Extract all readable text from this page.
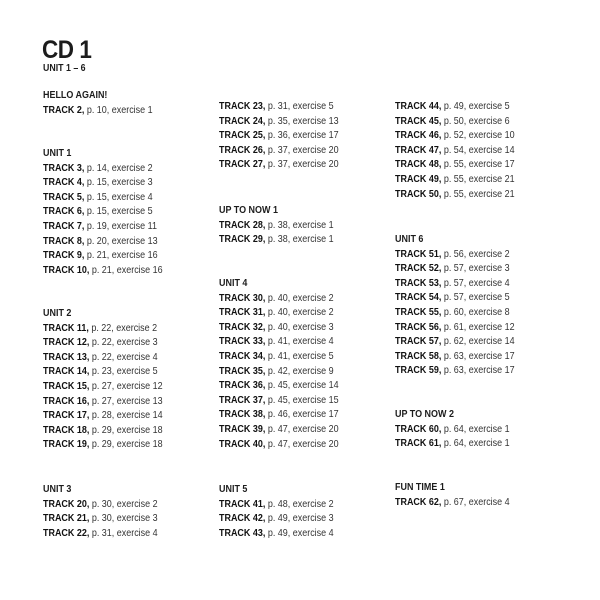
CD 1
UNIT 1 – 6
HELLO AGAIN!
TRACK 2, p. 10, exercise 1
UNIT 1
TRACK 3, p. 14, exercise 2
TRACK 4, p. 15, exercise 3
TRACK 5, p. 15, exercise 4
TRACK 6, p. 15, exercise 5
TRACK 7, p. 19, exercise 11
TRACK 8, p. 20, exercise 13
TRACK 9, p. 21, exercise 16
TRACK 10, p. 21, exercise 16
UNIT 2
TRACK 11, p. 22, exercise 2
TRACK 12, p. 22, exercise 3
TRACK 13, p. 22, exercise 4
TRACK 14, p. 23, exercise 5
TRACK 15, p. 27, exercise 12
TRACK 16, p. 27, exercise 13
TRACK 17, p. 28, exercise 14
TRACK 18, p. 29, exercise 18
TRACK 19, p. 29, exercise 18
UNIT 3
TRACK 20, p. 30, exercise 2
TRACK 21, p. 30, exercise 3
TRACK 22, p. 31, exercise 4
TRACK 23, p. 31, exercise 5
TRACK 24, p. 35, exercise 13
TRACK 25, p. 36, exercise 17
TRACK 26, p. 37, exercise 20
TRACK 27, p. 37, exercise 20
UP TO NOW 1
TRACK 28, p. 38, exercise 1
TRACK 29, p. 38, exercise 1
UNIT 4
TRACK 30, p. 40, exercise 2
TRACK 31, p. 40, exercise 2
TRACK 32, p. 40, exercise 3
TRACK 33, p. 41, exercise 4
TRACK 34, p. 41, exercise 5
TRACK 35, p. 42, exercise 9
TRACK 36, p. 45, exercise 14
TRACK 37, p. 45, exercise 15
TRACK 38, p. 46, exercise 17
TRACK 39, p. 47, exercise 20
TRACK 40, p. 47, exercise 20
UNIT 5
TRACK 41, p. 48, exercise 2
TRACK 42, p. 49, exercise 3
TRACK 43, p. 49, exercise 4
TRACK 44, p. 49, exercise 5
TRACK 45, p. 50, exercise 6
TRACK 46, p. 52, exercise 10
TRACK 47, p. 54, exercise 14
TRACK 48, p. 55, exercise 17
TRACK 49, p. 55, exercise 21
TRACK 50, p. 55, exercise 21
UNIT 6
TRACK 51, p. 56, exercise 2
TRACK 52, p. 57, exercise 3
TRACK 53, p. 57, exercise 4
TRACK 54, p. 57, exercise 5
TRACK 55, p. 60, exercise 8
TRACK 56, p. 61, exercise 12
TRACK 57, p. 62, exercise 14
TRACK 58, p. 63, exercise 17
TRACK 59, p. 63, exercise 17
UP TO NOW 2
TRACK 60, p. 64, exercise 1
TRACK 61, p. 64, exercise 1
FUN TIME 1
TRACK 62, p. 67, exercise 4
